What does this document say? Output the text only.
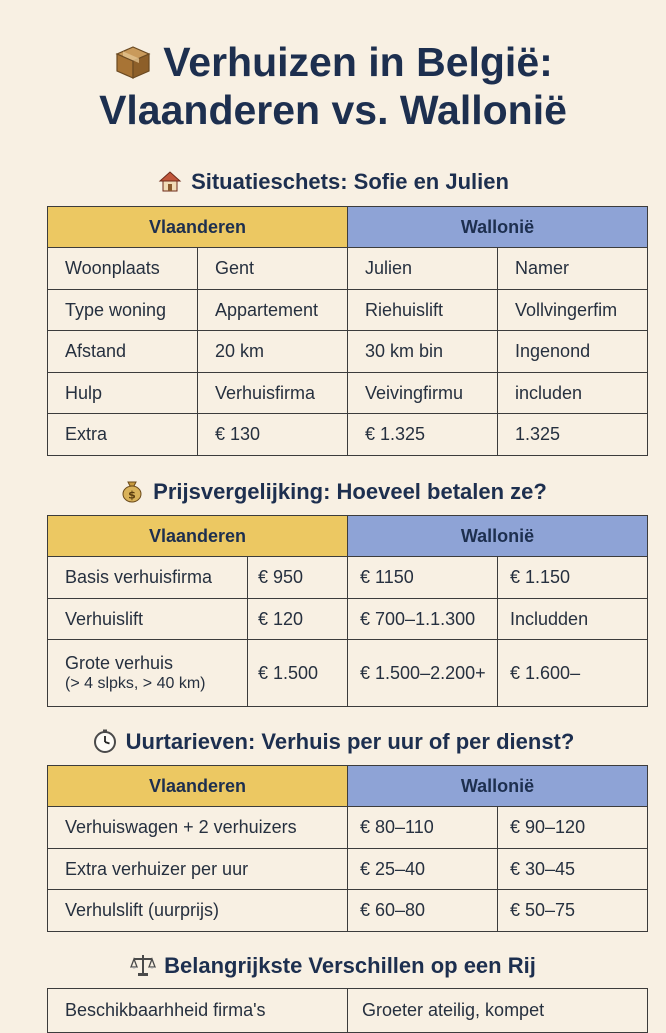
Verhuizen in België:
Vlaanderen vs. Wallonië
Situatieschets: Sofie en Julien
Vlaanderen		Wallonië	
Woonplaats	Gent	Julien	Namer
Type woning	Appartement	Riehuislift	Vollvingerfim
Afstand	20 km	30 km bin	Ingenond
Hulp	Verhuisfirma	Veivingfirmu	includen
Extra	€ 130	€ 1.325	1.325
$ Prijsvergelijking: Hoeveel betalen ze?
Vlaanderen		Wallonië	
Basis verhuisfirma	€ 950	€ 1150	€ 1.150
Verhuislift	€ 120	€ 700–1.1.300	Includden

Grote verhuis
(> 4 slpks, > 40 km)	€ 1.500	€ 1.500–2.200+	€ 1.600–
Uurtarieven: Verhuis per uur of per dienst?
Vlaanderen	Wallonië	
Verhuiswagen + 2 verhuizers	€ 80–110	€ 90–120
Extra verhuizer per uur	€ 25–40	€ 30–45
Verhulslift (uurprijs)	€ 60–80	€ 50–75
Belangrijkste Verschillen op een Rij
Beschikbaarhheid firma's	Groeter ateilig, kompet
